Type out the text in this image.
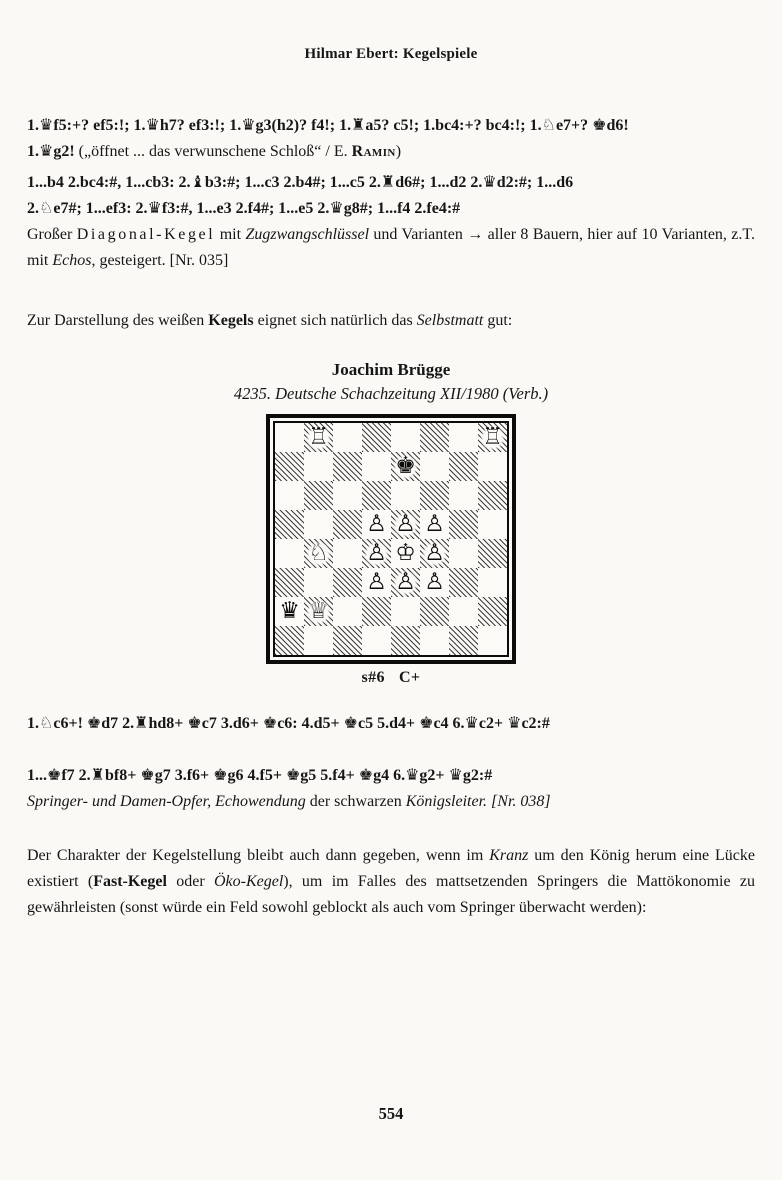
Hilmar Ebert: Kegelspiele
1.♛f5:+? ef5:!; 1.♛h7? ef3:!; 1.♛g3(h2)? f4!; 1.♜a5? c5!; 1.bc4:+? bc4:!; 1.♘e7+? ♚d6!
1.♛g2! („öffnet ... das verwunschene Schloß“ / E. Ramin)
1...b4 2.bc4:#, 1...cb3: 2.♝b3:#; 1...c3 2.b4#; 1...c5 2.♜d6#; 1...d2 2.♛d2:#; 1...d6
2.♘e7#; 1...ef3: 2.♛f3:#, 1...e3 2.f4#; 1...e5 2.♛g8#; 1...f4 2.fe4:#
Großer Diagonal-Kegel mit Zugzwangschlüssel und Varianten → aller 8 Bauern, hier auf 10 Varianten, z.T. mit Echos, gesteigert. [Nr. 035]
Zur Darstellung des weißen Kegels eignet sich natürlich das Selbstmatt gut:
Joachim Brügge
4235. Deutsche Schachzeitung XII/1980 (Verb.)
♖	♖
♚
♙ ♙ ♙
♘ ♙ ♔ ♙
♙ ♙ ♙
♛ ♕
s#6 C+
1.♘c6+! ♚d7 2.♜hd8+ ♚c7 3.d6+ ♚c6: 4.d5+ ♚c5 5.d4+ ♚c4 6.♛c2+ ♛c2:#
1...♚f7 2.♜bf8+ ♚g7 3.f6+ ♚g6 4.f5+ ♚g5 5.f4+ ♚g4 6.♛g2+ ♛g2:#
Springer- und Damen-Opfer, Echowendung der schwarzen Königsleiter. [Nr. 038]
Der Charakter der Kegelstellung bleibt auch dann gegeben, wenn im Kranz um den König herum eine Lücke existiert (Fast-Kegel oder Öko-Kegel), um im Falles des mattsetzenden Springers die Mattökonomie zu gewährleisten (sonst würde ein Feld sowohl geblockt als auch vom Springer überwacht werden):
554
